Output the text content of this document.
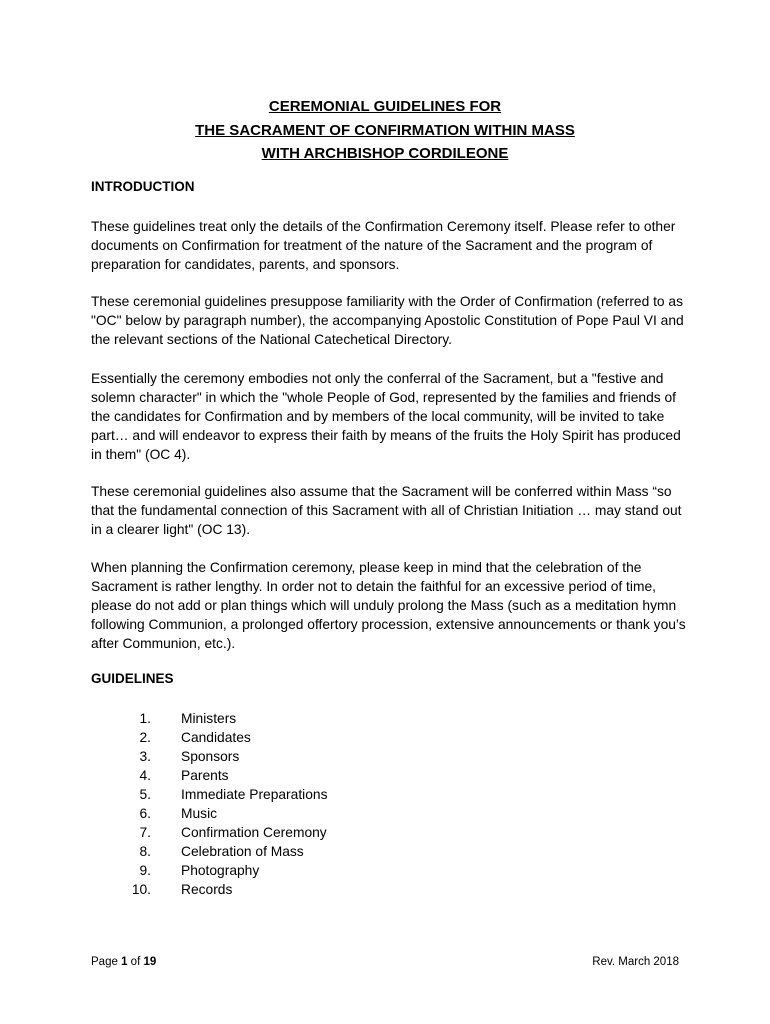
CEREMONIAL GUIDELINES FOR

THE SACRAMENT OF CONFIRMATION WITHIN MASS

WITH ARCHBISHOP CORDILEONE

INTRODUCTION

These guidelines treat only the details of the Confirmation Ceremony itself. Please refer to other documents on Confirmation for treatment of the nature of the Sacrament and the program of preparation for candidates, parents, and sponsors.

These ceremonial guidelines presuppose familiarity with the Order of Confirmation (referred to as "OC" below by paragraph number), the accompanying Apostolic Constitution of Pope Paul VI and the relevant sections of the National Catechetical Directory.

Essentially the ceremony embodies not only the conferral of the Sacrament, but a "festive and solemn character" in which the "whole People of God, represented by the families and friends of the candidates for Confirmation and by members of the local community, will be invited to take part… and will endeavor to express their faith by means of the fruits the Holy Spirit has produced in them" (OC 4).

These ceremonial guidelines also assume that the Sacrament will be conferred within Mass “so that the fundamental connection of this Sacrament with all of Christian Initiation … may stand out in a clearer light" (OC 13).

When planning the Confirmation ceremony, please keep in mind that the celebration of the Sacrament is rather lengthy. In order not to detain the faithful for an excessive period of time, please do not add or plan things which will unduly prolong the Mass (such as a meditation hymn following Communion, a prolonged offertory procession, extensive announcements or thank you’s after Communion, etc.).

GUIDELINES

1. Ministers
2. Candidates
3. Sponsors
4. Parents
5. Immediate Preparations
6. Music
7. Confirmation Ceremony
8. Celebration of Mass
9. Photography
10. Records
Page 1 of 19	Rev. March 2018
